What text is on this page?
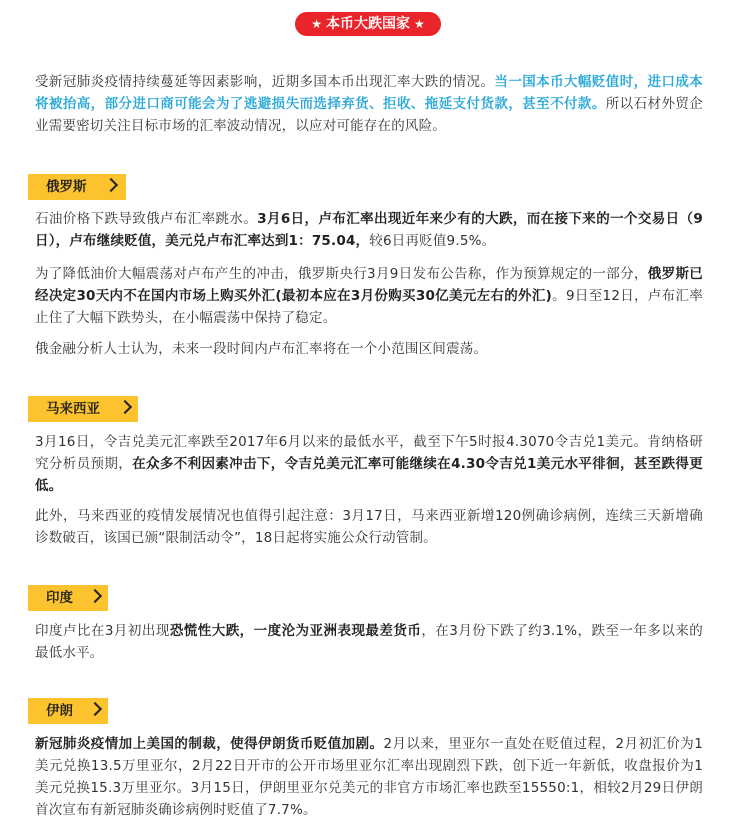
★ 本币大跌国家 ★

受新冠肺炎疫情持续蔓延等因素影响，近期多国本币出现汇率大跌的情况。当一国本币大幅贬值时，进口成本将被抬高，部分进口商可能会为了逃避损失而选择弃货、拒收、拖延支付货款，甚至不付款。所以石材外贸企业需要密切关注目标市场的汇率波动情况，以应对可能存在的风险。

俄罗斯

石油价格下跌导致俄卢布汇率跳水。3月6日，卢布汇率出现近年来少有的大跌，而在接下来的一个交易日（9日），卢布继续贬值，美元兑卢布汇率达到1：75.04，较6日再贬值9.5%。

为了降低油价大幅震荡对卢布产生的冲击，俄罗斯央行3月9日发布公告称，作为预算规定的一部分，俄罗斯已经决定30天内不在国内市场上购买外汇(最初本应在3月份购买30亿美元左右的外汇)。9日至12日，卢布汇率止住了大幅下跌势头，在小幅震荡中保持了稳定。

俄金融分析人士认为，未来一段时间内卢布汇率将在一个小范围区间震荡。

马来西亚

3月16日，令吉兑美元汇率跌至2017年6月以来的最低水平，截至下午5时报4.3070令吉兑1美元。肯纳格研究分析员预期，在众多不利因素冲击下，令吉兑美元汇率可能继续在4.30令吉兑1美元水平徘徊，甚至跌得更低。

此外，马来西亚的疫情发展情况也值得引起注意：3月17日，马来西亚新增120例确诊病例，连续三天新增确诊数破百，该国已颁“限制活动令”，18日起将实施公众行动管制。

印度

印度卢比在3月初出现恐慌性大跌，一度沦为亚洲表现最差货币，在3月份下跌了约3.1%，跌至一年多以来的最低水平。

伊朗

新冠肺炎疫情加上美国的制裁，使得伊朗货币贬值加剧。2月以来，里亚尔一直处在贬值过程，2月初汇价为1美元兑换13.5万里亚尔，2月22日开市的公开市场里亚尔汇率出现剧烈下跌，创下近一年新低，收盘报价为1美元兑换15.3万里亚尔。3月15日，伊朗里亚尔兑美元的非官方市场汇率也跌至15550:1，相较2月29日伊朗首次宣布有新冠肺炎确诊病例时贬值了7.7%。
